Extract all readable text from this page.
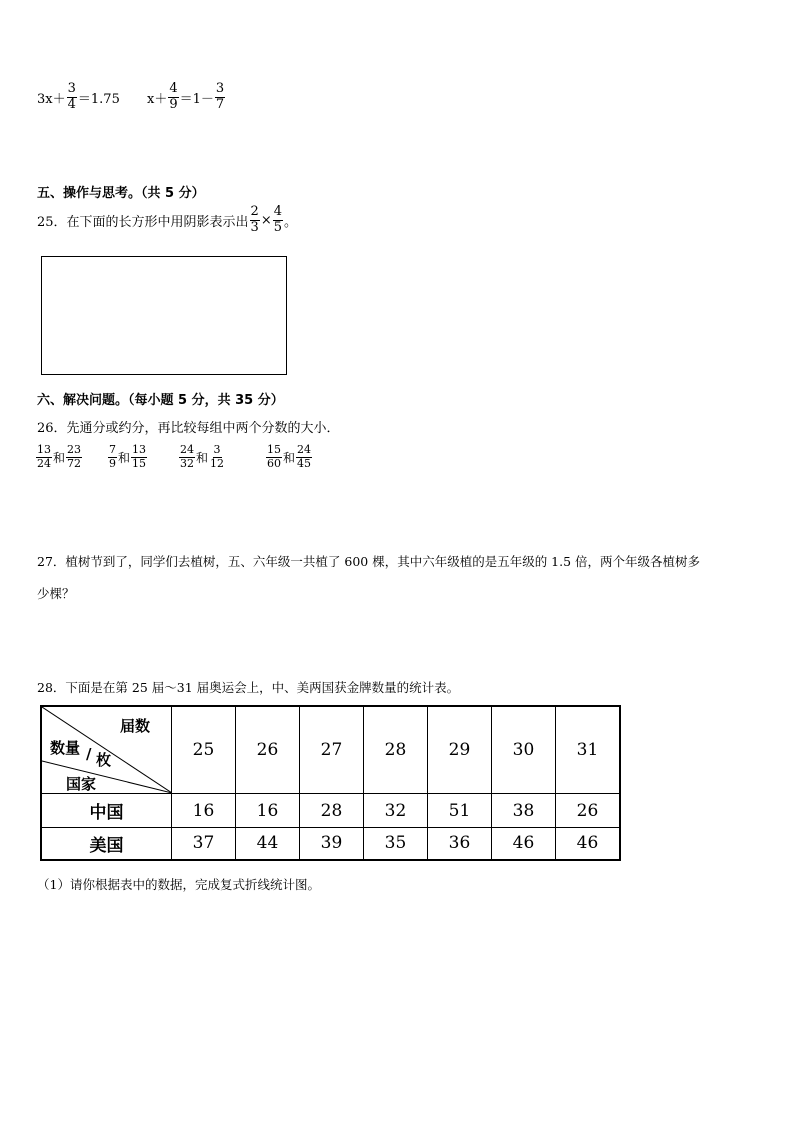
$3x+ \frac{3}{4} =1.75$ $x+ \frac{4}{9} =1- \frac{3}{7}$
五、操作与思考。（共 5 分）
25．在下面的长方形中用阴影表示出 $\frac{2}{3} \times \frac{4}{5}$ 。
六、解决问题。（每小题 5 分，共 35 分）
26．先通分或约分，再比较每组中两个分数的大小．
$\frac{13}{24}$ 和 $\frac{23}{72} \frac{7}{9}$ 和 $\frac{13}{15}$	$\frac{24}{32}$ 和 $\frac{3}{12}$	$\frac{15}{60}$ 和 $\frac{24}{45}$
27．植树节到了，同学们去植树，五、六年级一共植了 600 棵，其中六年级植的是五年级的 1.5 倍，两个年级各植树多
少棵？
28．下面是在第 25 届～31 届奥运会上，中、美两国获金牌数量的统计表。
届数
数量 / 枚
国家	25	26	27	28	29	30	31
中国	16	16	28	32	51	38	26
美国	37	44	39	35	36	46	46
（1）请你根据表中的数据，完成复式折线统计图。
